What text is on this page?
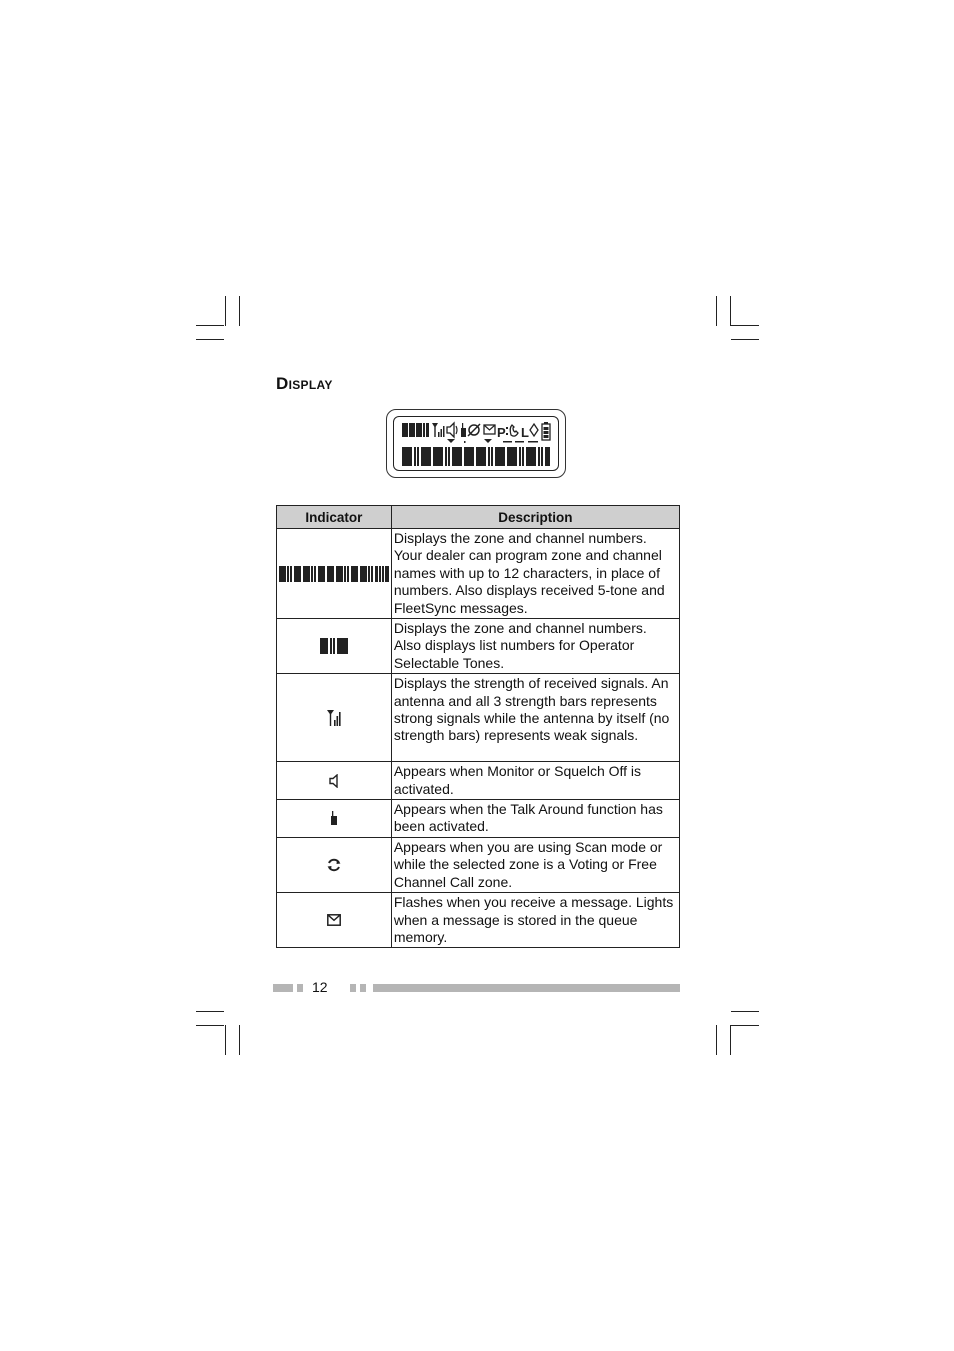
Display
P L
Indicator	Description

	Displays the zone and channel numbers. Your dealer can program zone and channel names with up to 12 characters, in place of numbers. Also displays received 5-tone and FleetSync messages.

	Displays the zone and channel numbers. Also displays list numbers for Operator Selectable Tones.

	Displays the strength of received signals. An antenna and all 3 strength bars represents strong signals while the antenna by itself (no strength bars) represents weak signals.

	Appears when Monitor or Squelch Off is activated.

	Appears when the Talk Around function has been activated.

	Appears when you are using Scan mode or while the selected zone is a Voting or Free Channel Call zone.

	Flashes when you receive a message. Lights when a message is stored in the queue memory.
12
